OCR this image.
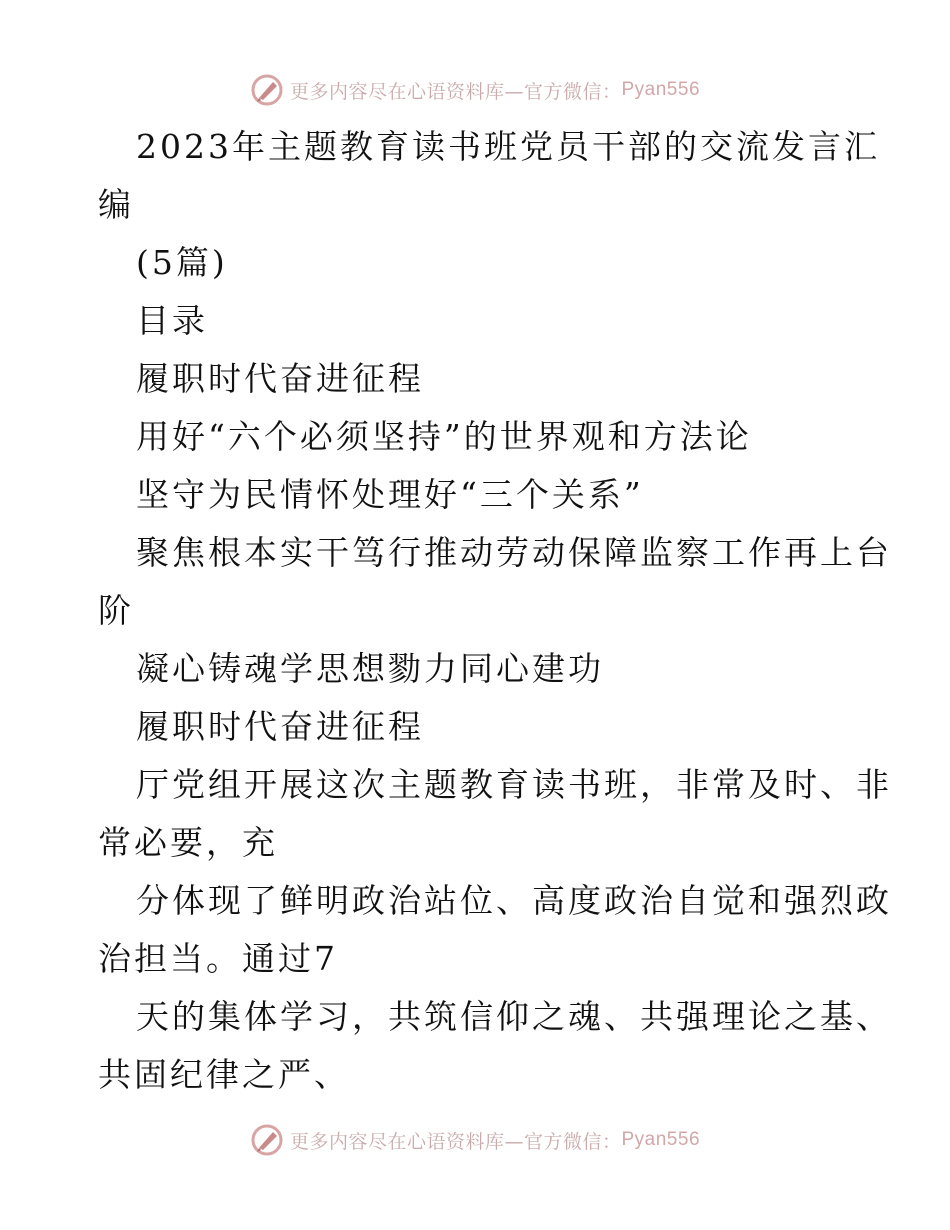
更多内容尽在心语资料库—官方微信： Pyan556
2023年主题教育读书班党员干部的交流发言汇
编
(5篇)
目录
履职时代奋进征程
用好“六个必须坚持”的世界观和方法论
坚守为民情怀处理好“三个关系”
聚焦根本实干笃行推动劳动保障监察工作再上台
阶
凝心铸魂学思想勠力同心建功
履职时代奋进征程
厅党组开展这次主题教育读书班，非常及时、非
常必要，充
分体现了鲜明政治站位、高度政治自觉和强烈政
治担当。通过7
天的集体学习，共筑信仰之魂、共强理论之基、
共固纪律之严、
更多内容尽在心语资料库—官方微信： Pyan556
